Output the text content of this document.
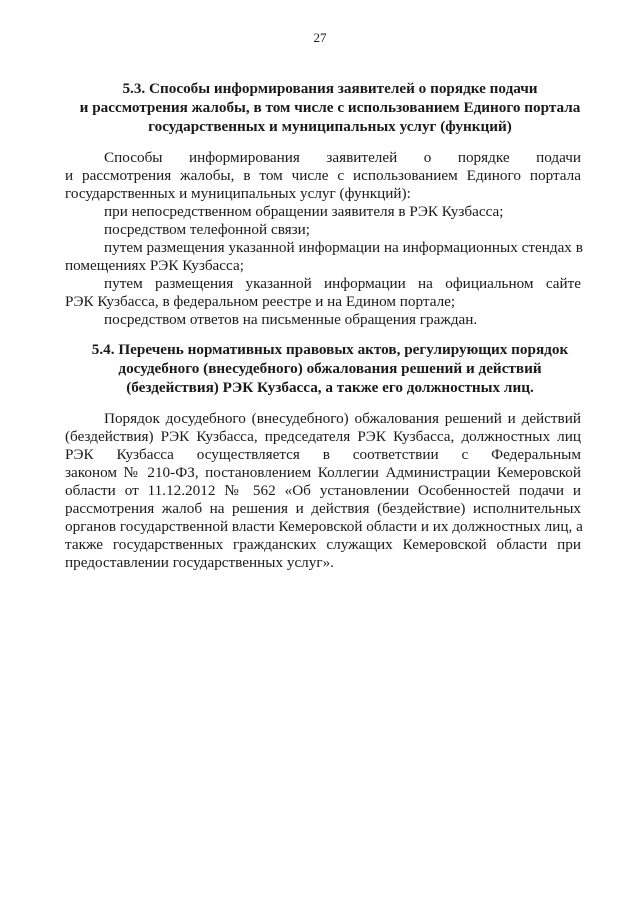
27
5.3. Способы информирования заявителей о порядке подачи
и рассмотрения жалобы, в том числе с использованием Единого портала
государственных и муниципальных услуг (функций)
Способы информирования заявителей о порядке подачи
и рассмотрения жалобы, в том числе с использованием Единого портала
государственных и муниципальных услуг (функций):
при непосредственном обращении заявителя в РЭК Кузбасса;
посредством телефонной связи;
путем размещения указанной информации на информационных стендах в
помещениях РЭК Кузбасса;
путем размещения указанной информации на официальном сайте
РЭК Кузбасса, в федеральном реестре и на Едином портале;
посредством ответов на письменные обращения граждан.
5.4. Перечень нормативных правовых актов, регулирующих порядок
досудебного (внесудебного) обжалования решений и действий
(бездействия) РЭК Кузбасса, а также его должностных лиц.
Порядок досудебного (внесудебного) обжалования решений и действий
(бездействия) РЭК Кузбасса, председателя РЭК Кузбасса, должностных лиц
РЭК Кузбасса осуществляется в соответствии с Федеральным
законом № 210-ФЗ, постановлением Коллегии Администрации Кемеровской
области от 11.12.2012 № 562 «Об установлении Особенностей подачи и
рассмотрения жалоб на решения и действия (бездействие) исполнительных
органов государственной власти Кемеровской области и их должностных лиц, а
также государственных гражданских служащих Кемеровской области при
предоставлении государственных услуг».
